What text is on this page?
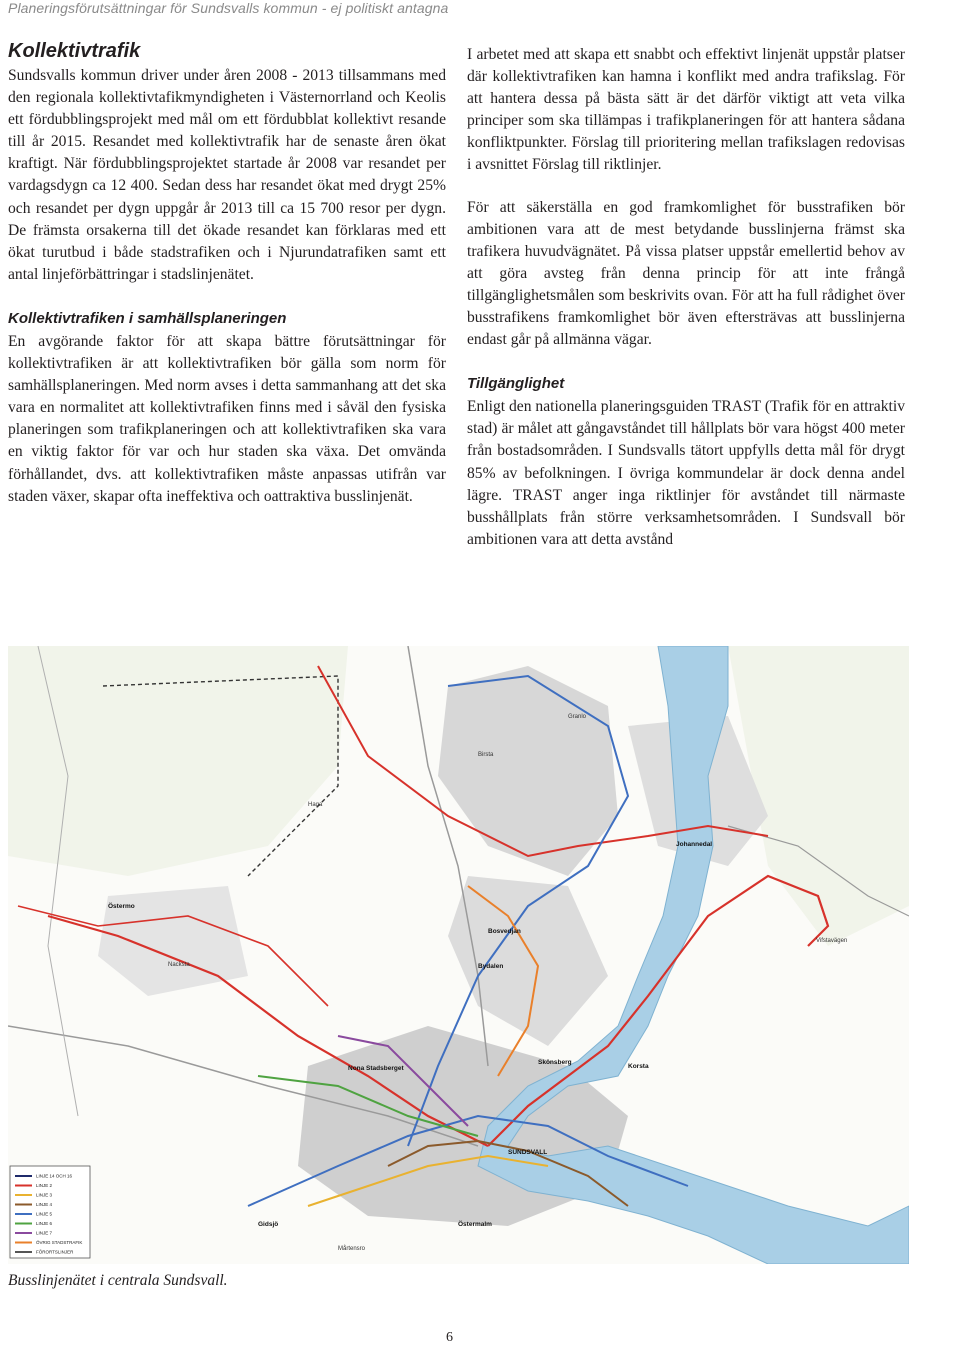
Planeringsförutsättningar för Sundsvalls kommun - ej politiskt antagna
Kollektivtrafik

Sundsvalls kommun driver under åren 2008 - 2013 tillsammans med den regionala kollektivtafikmyndigheten i Västernorrland och Keolis ett fördubblingsprojekt med mål om ett fördubblat kollektivt resande till år 2015. Resandet med kollektivtrafik har de senaste åren ökat kraftigt. När fördubblingsprojektet startade år 2008 var resandet per vardagsdygn ca 12 400. Sedan dess har resandet ökat med drygt 25% och resandet per dygn uppgår år 2013 till ca 15 700 resor per dygn. De främsta orsakerna till det ökade resandet kan förklaras med ett ökat turutbud i både stadstrafiken och i Njurundatrafiken samt ett antal linjeförbättringar i stadslinjenätet.

Kollektivtrafiken i samhällsplaneringen

En avgörande faktor för att skapa bättre förutsättningar för kollektivtrafiken är att kollektivtrafiken bör gälla som norm för samhällsplaneringen. Med norm avses i detta sammanhang att det ska vara en normalitet att kollektivtrafiken finns med i såväl den fysiska planeringen som trafikplaneringen och att kollektivtrafiken ska vara en viktig faktor för var och hur staden ska växa. Det omvända förhållandet, dvs. att kollektivtrafiken måste anpassas utifrån var staden växer, skapar ofta ineffektiva och oattraktiva busslinjenät.

I arbetet med att skapa ett snabbt och effektivt linjenät uppstår platser där kollektivtrafiken kan hamna i konflikt med andra trafikslag. För att hantera dessa på bästa sätt är det därför viktigt att veta vilka principer som ska tillämpas i trafikplaneringen för att hantera sådana konfliktpunkter. Förslag till prioritering mellan trafikslagen redovisas i avsnittet Förslag till riktlinjer.

För att säkerställa en god framkomlighet för busstrafiken bör ambitionen vara att de mest betydande busslinjerna främst ska trafikera huvudvägnätet. På vissa platser uppstår emellertid behov av att göra avsteg från denna princip för att inte frångå tillgänglighetsmålen som beskrivits ovan. För att ha full rådighet över busstrafikens framkomlighet bör även eftersträvas att busslinjerna endast går på allmänna vägar.

Tillgänglighet

Enligt den nationella planeringsguiden TRAST (Trafik för en attraktiv stad) är målet att gångavståndet till hållplats bör vara högst 400 meter från bostadsområden. I Sundsvalls tätort uppfylls detta mål för drygt 85% av befolkningen. I övriga kommundelar är dock denna andel lägre. TRAST anger inga riktlinjer för avståndet till närmaste busshållplats från större verksamhetsområden. I Sundsvall bör ambitionen vara att detta avstånd

Östermo
Bosvedjan
Bydalen
Johannedal
Nona Stadsberget
Skönsberg
Korsta
SUNDSVALL
Östermalm
Gidsjö
Mårtensro
Vifstavägen
Granlo
Birsta
Haga
Nacksta
LINJE 14 OCH 16
LINJE 2
LINJE 3
LINJE 4
LINJE 5
LINJE 6
LINJE 7
ÖVRIG STADSTRAFIK
FÖRORTSLINJER
Busslinjenätet i centrala Sundsvall.
6
